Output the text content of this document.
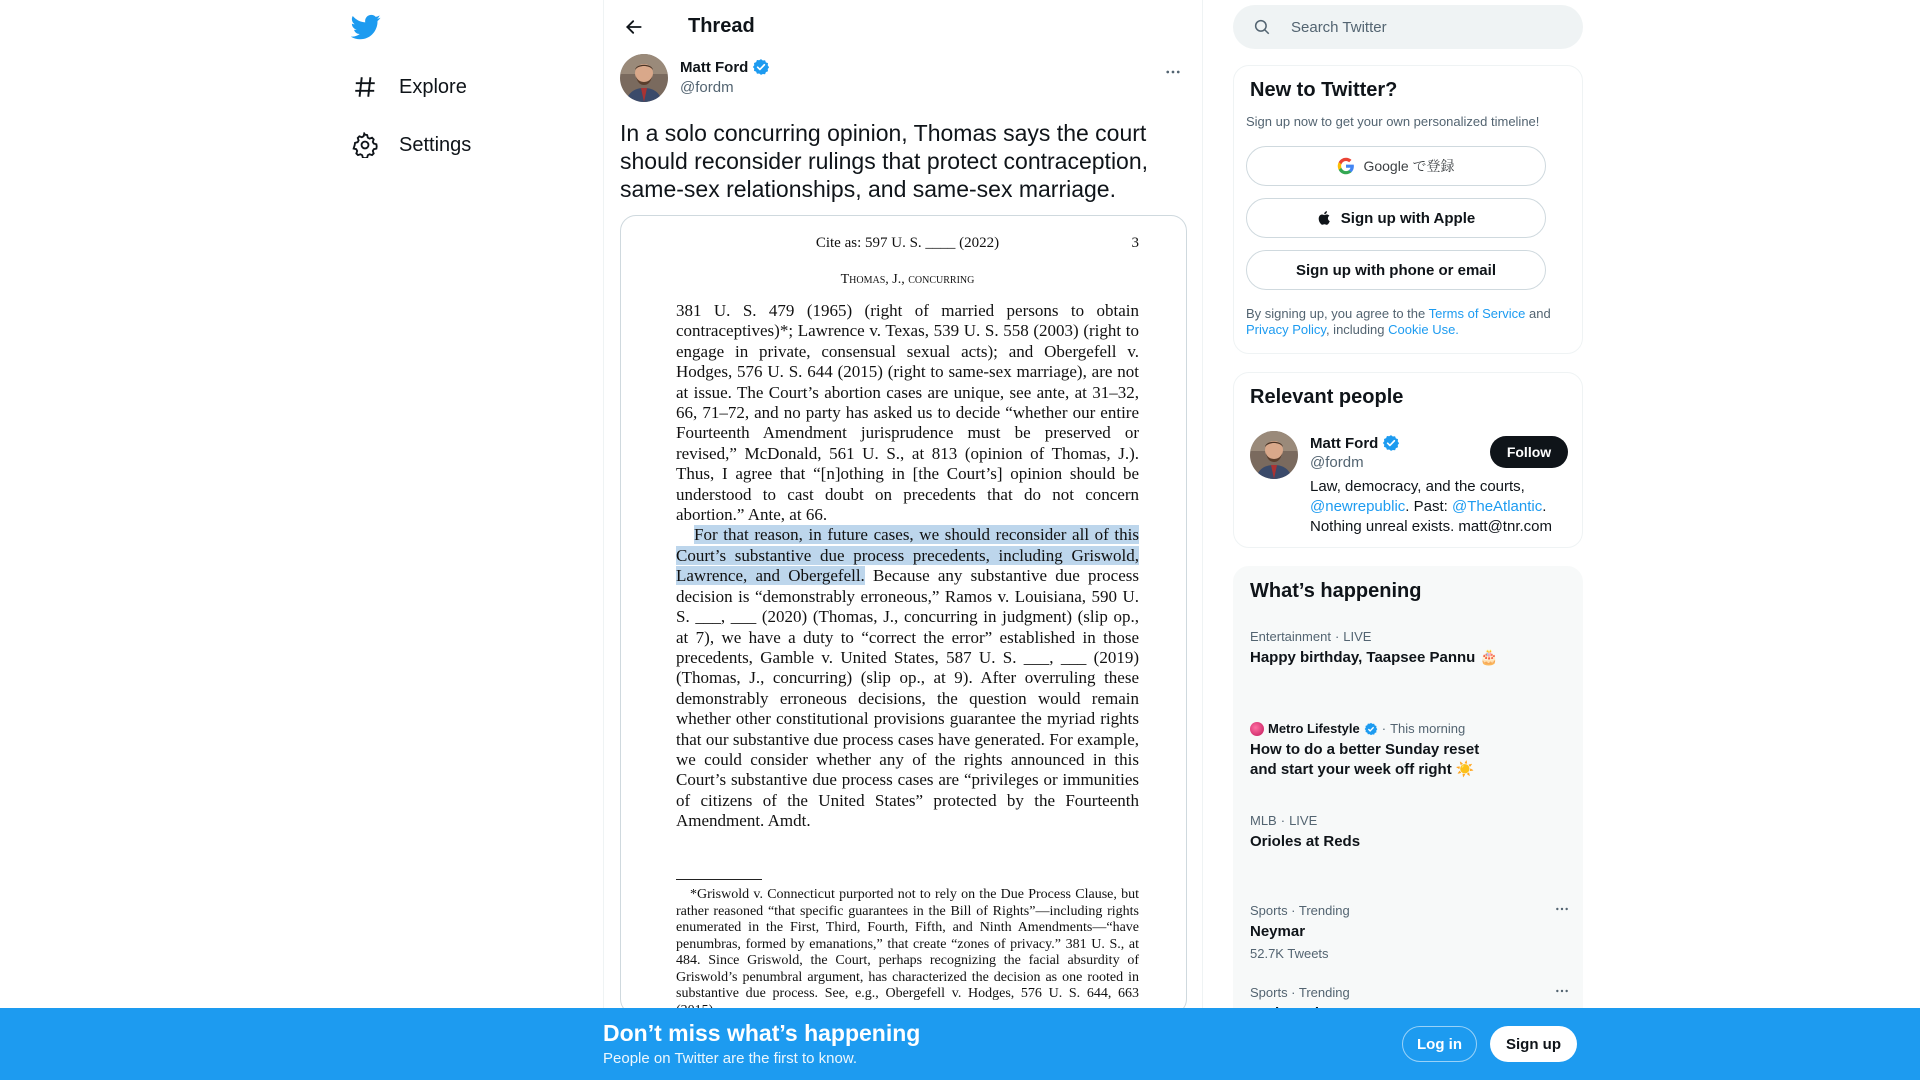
Explore
Settings
Thread
Matt Ford
@fordm
In a solo concurring opinion, Thomas says the court should reconsider rulings that protect contraception, same-sex relationships, and same-sex marriage.
Cite as: 597 U. S. ____ (2022)	3
Thomas, J., concurring

381 U. S. 479 (1965) (right of married persons to obtain contraceptives)*; Lawrence v. Texas, 539 U. S. 558 (2003) (right to engage in private, consensual sexual acts); and Obergefell v. Hodges, 576 U. S. 644 (2015) (right to same-sex marriage), are not at issue. The Court’s abortion cases are unique, see ante, at 31–32, 66, 71–72, and no party has asked us to decide “whether our entire Fourteenth Amendment jurisprudence must be preserved or revised,” McDonald, 561 U. S., at 813 (opinion of Thomas, J.). Thus, I agree that “[n]othing in [the Court’s] opinion should be understood to cast doubt on precedents that do not concern abortion.” Ante, at 66.

For that reason, in future cases, we should reconsider all of this Court’s substantive due process precedents, including Griswold, Lawrence, and Obergefell. Because any substantive due process decision is “demonstrably erroneous,” Ramos v. Louisiana, 590 U. S. ___, ___ (2020) (Thomas, J., concurring in judgment) (slip op., at 7), we have a duty to “correct the error” established in those precedents, Gamble v. United States, 587 U. S. ___, ___ (2019) (Thomas, J., concurring) (slip op., at 9). After overruling these demonstrably erroneous decisions, the question would remain whether other constitutional provisions guarantee the myriad rights that our substantive due process cases have generated. For example, we could consider whether any of the rights announced in this Court’s substantive due process cases are “privileges or immunities of citizens of the United States” protected by the Fourteenth Amendment. Amdt.

*Griswold v. Connecticut purported not to rely on the Due Process Clause, but rather reasoned “that specific guarantees in the Bill of Rights”—including rights enumerated in the First, Third, Fourth, Fifth, and Ninth Amendments—“have penumbras, formed by emanations,” that create “zones of privacy.” 381 U. S., at 484. Since Griswold, the Court, perhaps recognizing the facial absurdity of Griswold’s penumbral argument, has characterized the decision as one rooted in substantive due process. See, e.g., Obergefell v. Hodges, 576 U. S. 644, 663

Search Twitter
New to Twitter?
Sign up now to get your own personalized timeline!
Google で登録
Sign up with Apple
Sign up with phone or email
By signing up, you agree to the Terms of Service and Privacy Policy, including Cookie Use.
Relevant people
Matt Ford
@fordm
Follow
Law, democracy, and the courts, @newrepublic. Past: @TheAtlantic. Nothing unreal exists. matt@tnr.com
What’s happening
Entertainment · LIVE
Happy birthday, Taapsee Pannu 🎂
Metro Lifestyle · This morning
How to do a better Sunday reset and start your week off right ☀️
MLB · LIVE
Orioles at Reds
Sports · Trending
Neymar
52.7K Tweets
Sports · Trending
Don’t miss what’s happening
People on Twitter are the first to know.
Log in	Sign up
